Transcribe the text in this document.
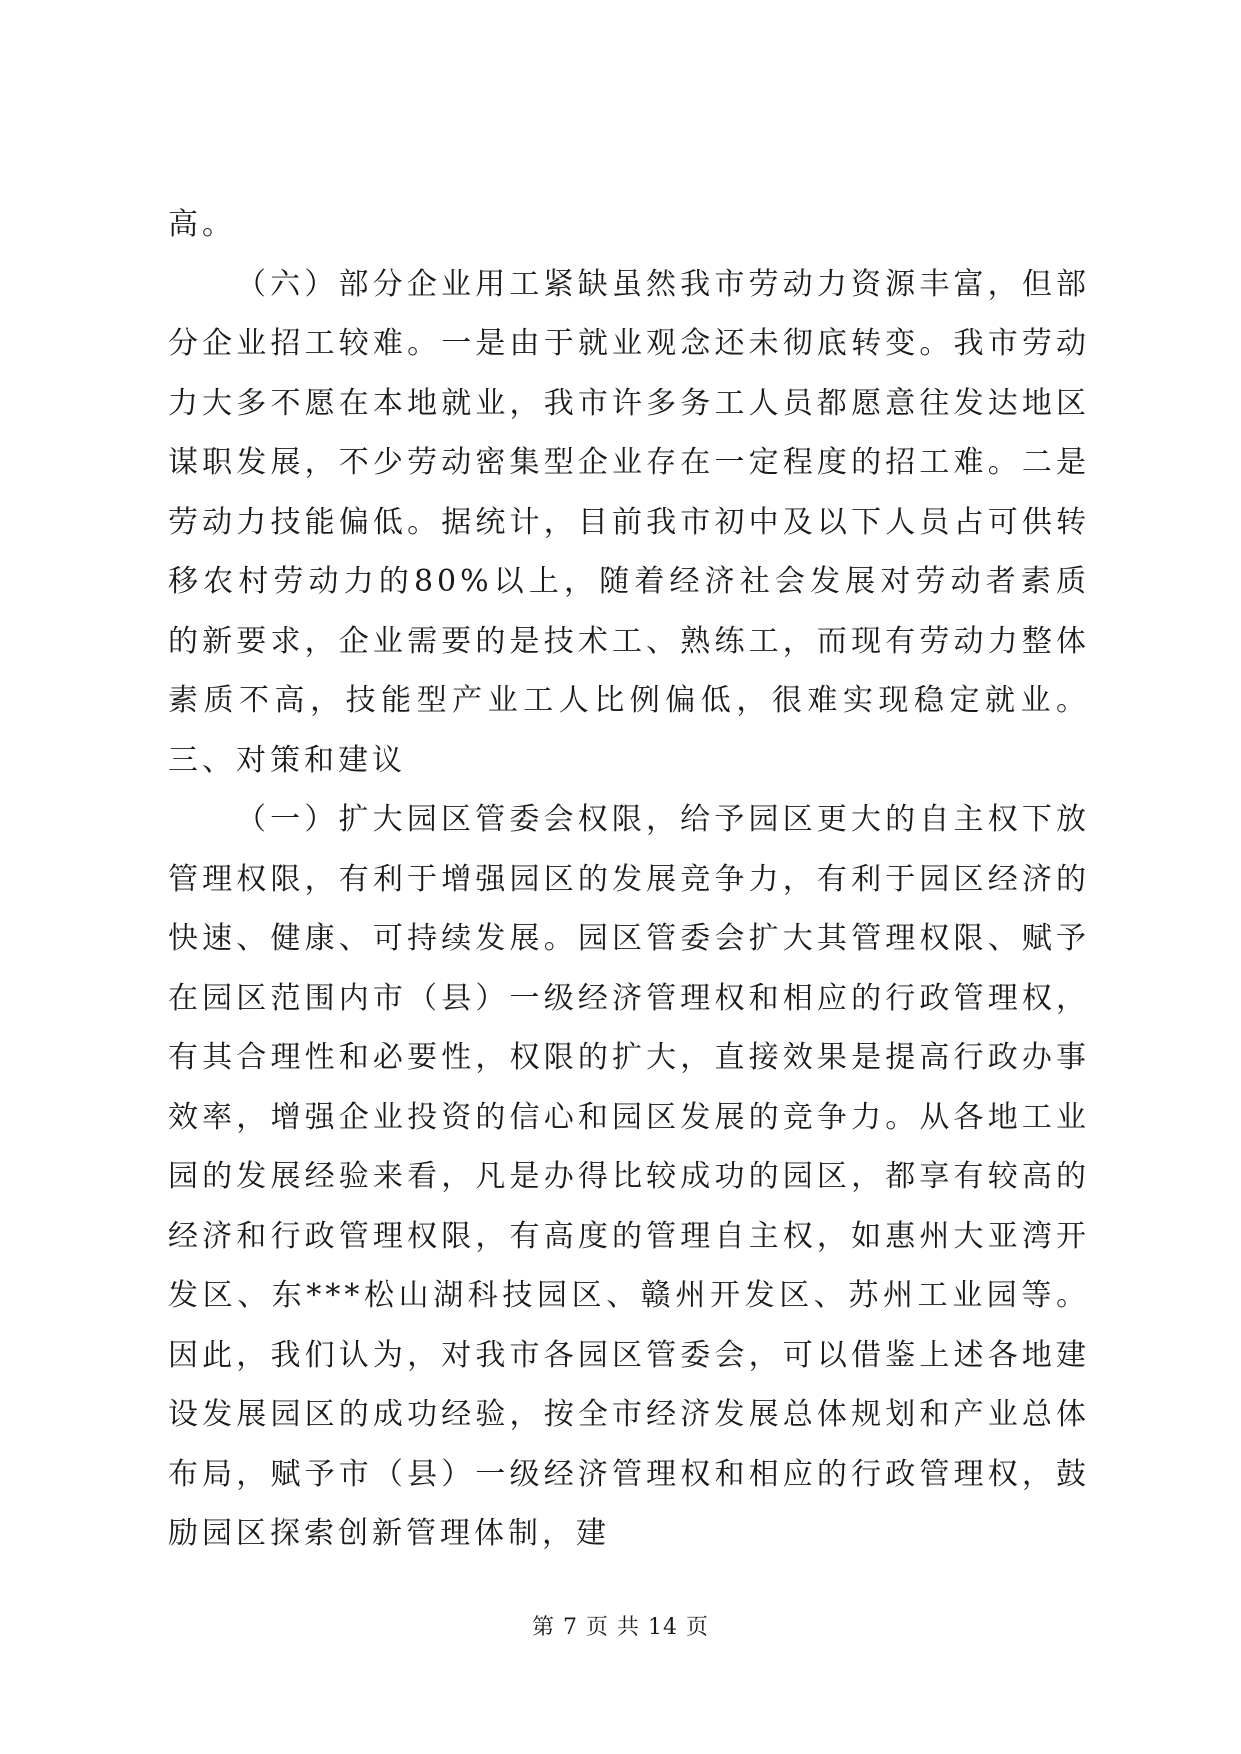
高。

（六）部分企业用工紧缺虽然我市劳动力资源丰富，但部分企业招工较难。一是由于就业观念还未彻底转变。我市劳动力大多不愿在本地就业，我市许多务工人员都愿意往发达地区谋职发展，不少劳动密集型企业存在一定程度的招工难。二是劳动力技能偏低。据统计，目前我市初中及以下人员占可供转移农村劳动力的80%以上，随着经济社会发展对劳动者素质的新要求，企业需要的是技术工、熟练工，而现有劳动力整体素质不高，技能型产业工人比例偏低，很难实现稳定就业。三、对策和建议

（一）扩大园区管委会权限，给予园区更大的自主权下放管理权限，有利于增强园区的发展竞争力，有利于园区经济的快速、健康、可持续发展。园区管委会扩大其管理权限、赋予在园区范围内市（县）一级经济管理权和相应的行政管理权，有其合理性和必要性，权限的扩大，直接效果是提高行政办事效率，增强企业投资的信心和园区发展的竞争力。从各地工业园的发展经验来看，凡是办得比较成功的园区，都享有较高的经济和行政管理权限，有高度的管理自主权，如惠州大亚湾开发区、东***松山湖科技园区、赣州开发区、苏州工业园等。因此，我们认为，对我市各园区管委会，可以借鉴上述各地建设发展园区的成功经验，按全市经济发展总体规划和产业总体布局，赋予市（县）一级经济管理权和相应的行政管理权，鼓励园区探索创新管理体制，建

第 7 页 共 14 页
